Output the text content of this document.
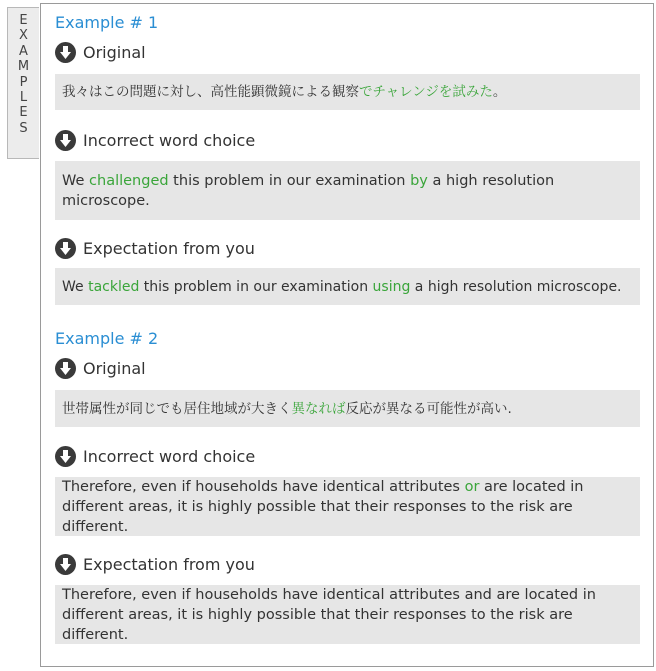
E
X
A
M
P
L
E
S
Example # 1
Original
我々はこの問題に対し、高性能顕微鏡による観察でチャレンジを試みた。
Incorrect word choice
We challenged this problem in our examination by a high resolution microscope.
Expectation from you
We tackled this problem in our examination using a high resolution microscope.
Example # 2
Original
世帯属性が同じでも居住地域が大きく異なれば反応が異なる可能性が高い.
Incorrect word choice
Therefore, even if households have identical attributes or are located in different areas, it is highly possible that their responses to the risk are different.
Expectation from you
Therefore, even if households have identical attributes and are located in different areas, it is highly possible that their responses to the risk are different.
